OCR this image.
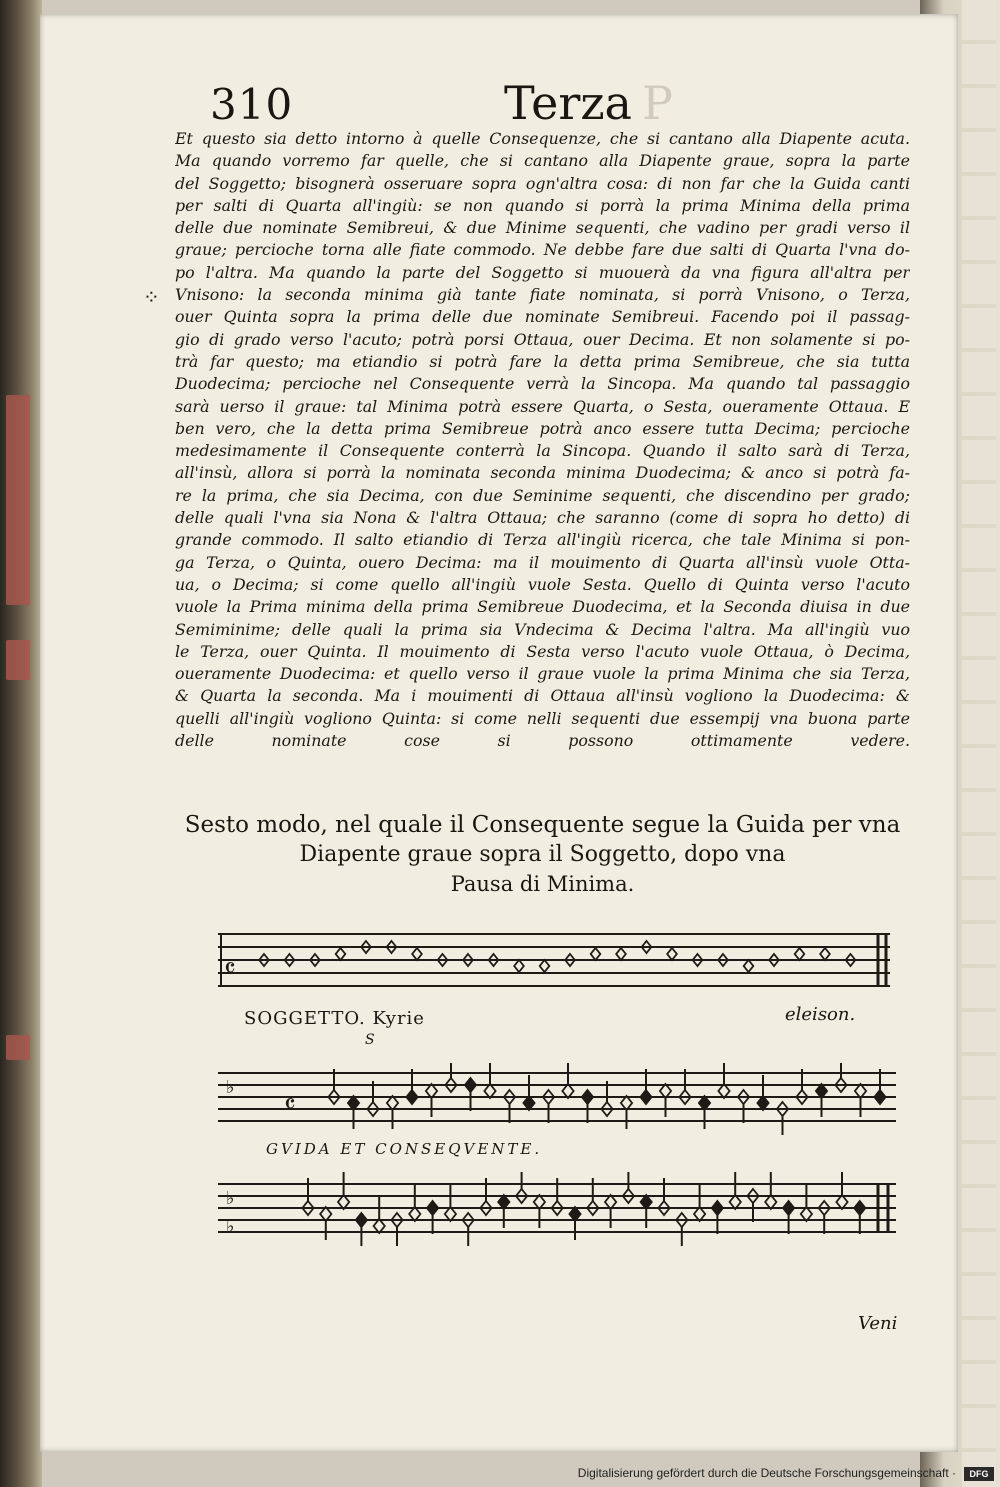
310	Terza P
⁘
Et questo sia detto intorno à quelle Consequenze, che si cantano alla Diapente acuta.
Ma quando vorremo far quelle, che si cantano alla Diapente graue, sopra la parte
del Soggetto; bisognerà osseruare sopra ogn'altra cosa: di non far che la Guida canti
per salti di Quarta all'ingiù: se non quando si porrà la prima Minima della prima
delle due nominate Semibreui, & due Minime sequenti, che vadino per gradi verso il
graue; percioche torna alle fiate commodo. Ne debbe fare due salti di Quarta l'vna do-
po l'altra. Ma quando la parte del Soggetto si muouerà da vna figura all'altra per
Vnisono: la seconda minima già tante fiate nominata, si porrà Vnisono, o Terza,
ouer Quinta sopra la prima delle due nominate Semibreui. Facendo poi il passag-
gio di grado verso l'acuto; potrà porsi Ottaua, ouer Decima. Et non solamente si po-
trà far questo; ma etiandio si potrà fare la detta prima Semibreue, che sia tutta
Duodecima; percioche nel Consequente verrà la Sincopa. Ma quando tal passaggio
sarà uerso il graue: tal Minima potrà essere Quarta, o Sesta, oueramente Ottaua. E
ben vero, che la detta prima Semibreue potrà anco essere tutta Decima; percioche
medesimamente il Consequente conterrà la Sincopa. Quando il salto sarà di Terza,
all'insù, allora si porrà la nominata seconda minima Duodecima; & anco si potrà fa-
re la prima, che sia Decima, con due Seminime sequenti, che discendino per grado;
delle quali l'vna sia Nona & l'altra Ottaua; che saranno (come di sopra ho detto) di
grande commodo. Il salto etiandio di Terza all'ingiù ricerca, che tale Minima si pon-
ga Terza, o Quinta, ouero Decima: ma il mouimento di Quarta all'insù vuole Otta-
ua, o Decima; si come quello all'ingiù vuole Sesta. Quello di Quinta verso l'acuto
vuole la Prima minima della prima Semibreue Duodecima, et la Seconda diuisa in due
Semiminime; delle quali la prima sia Vndecima & Decima l'altra. Ma all'ingiù vuo
le Terza, ouer Quinta. Il mouimento di Sesta verso l'acuto vuole Ottaua, ò Decima,
oueramente Duodecima: et quello verso il graue vuole la prima Minima che sia Terza,
& Quarta la seconda. Ma i mouimenti di Ottaua all'insù vogliono la Duodecima: &
quelli all'ingiù vogliono Quinta: si come nelli sequenti due essempij vna buona parte
delle nominate cose si possono ottimamente vedere.
Sesto modo, nel quale il Consequente segue la Guida per vna
Diapente graue sopra il Soggetto, dopo vna
Pausa di Minima.
𝄴
SOGGETTO. Kyrie	eleison.
S
♭
𝄴
GVIDA ET CONSEQVENTE.
♭
♭
Veni
Digitalisierung gefördert durch die Deutsche Forschungsgemeinschaft ·	DFG
